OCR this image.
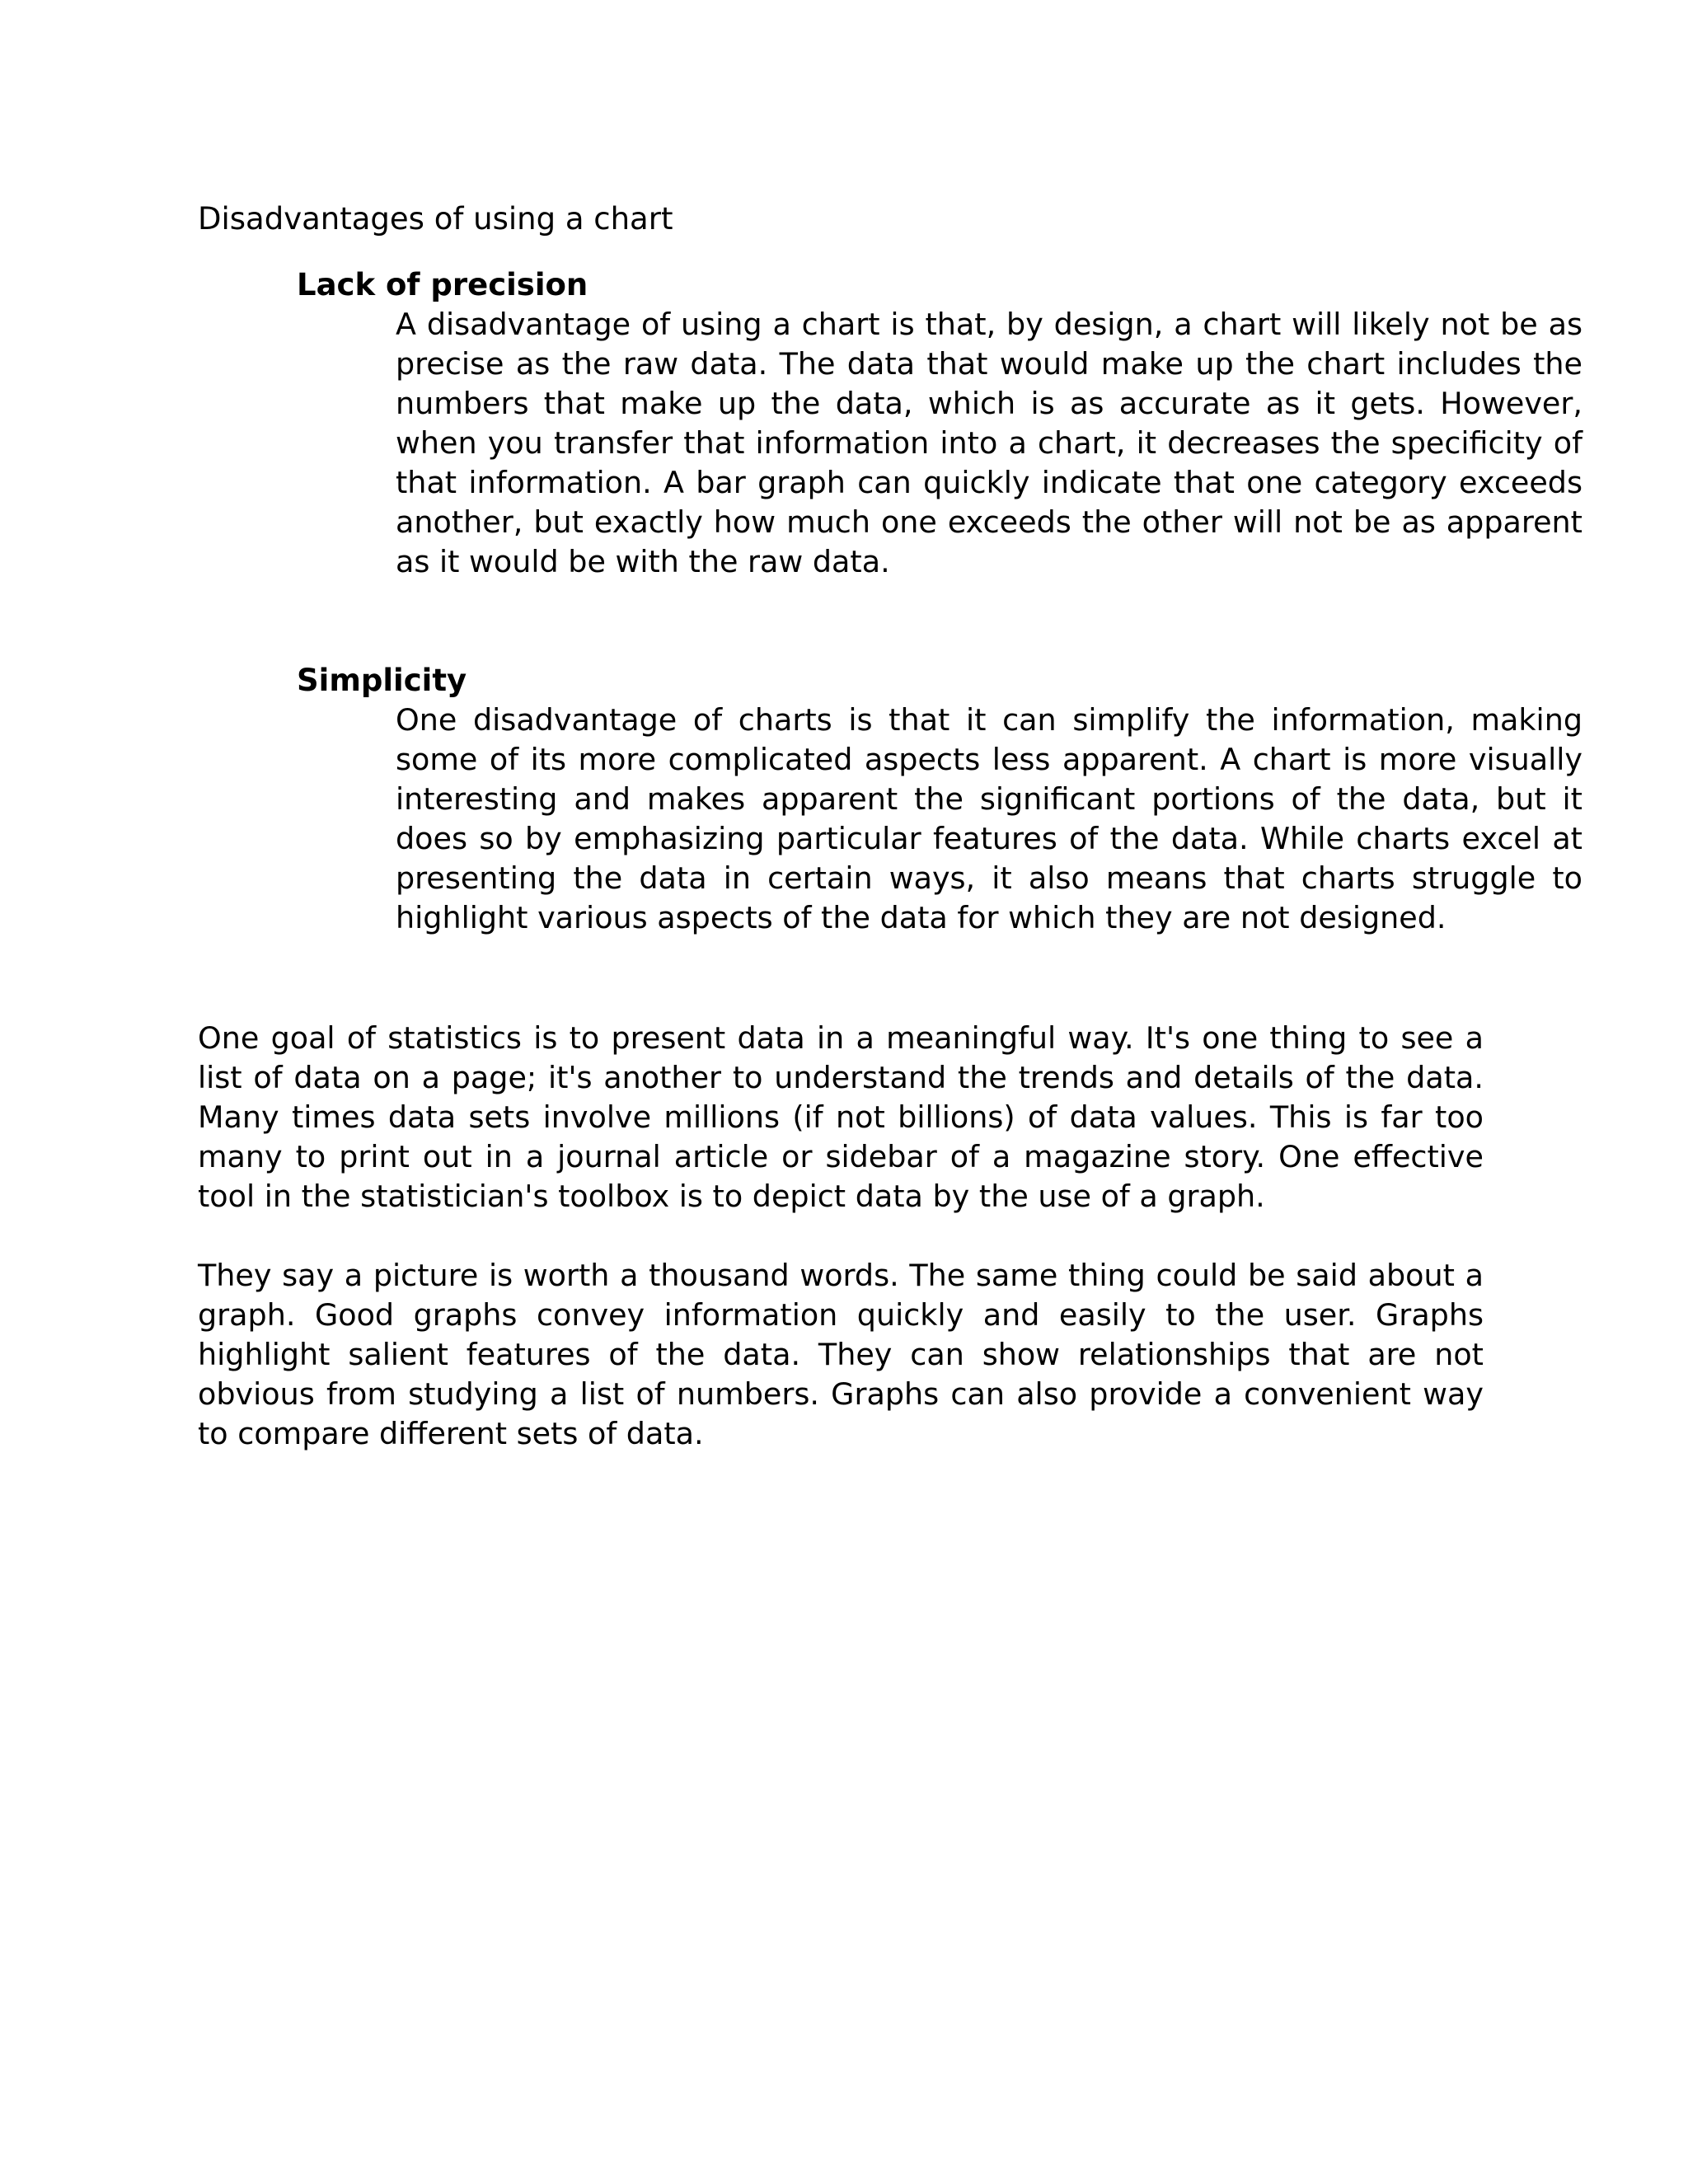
Disadvantages of using a chart

Lack of precision

A disadvantage of using a chart is that, by design, a chart will likely not be as precise as the raw data. The data that would make up the chart includes the numbers that make up the data, which is as accurate as it gets. However, when you transfer that information into a chart, it decreases the specificity of that information. A bar graph can quickly indicate that one category exceeds another, but exactly how much one exceeds the other will not be as apparent as it would be with the raw data.

Simplicity

One disadvantage of charts is that it can simplify the information, making some of its more complicated aspects less apparent. A chart is more visually interesting and makes apparent the significant portions of the data, but it does so by emphasizing particular features of the data. While charts excel at presenting the data in certain ways, it also means that charts struggle to highlight various aspects of the data for which they are not designed.

One goal of statistics is to present data in a meaningful way. It's one thing to see a list of data on a page; it's another to understand the trends and details of the data. Many times data sets involve millions (if not billions) of data values. This is far too many to print out in a journal article or sidebar of a magazine story. One effective tool in the statistician's toolbox is to depict data by the use of a graph.

They say a picture is worth a thousand words. The same thing could be said about a graph. Good graphs convey information quickly and easily to the user. Graphs highlight salient features of the data. They can show relationships that are not obvious from studying a list of numbers. Graphs can also provide a convenient way to compare different sets of data.
